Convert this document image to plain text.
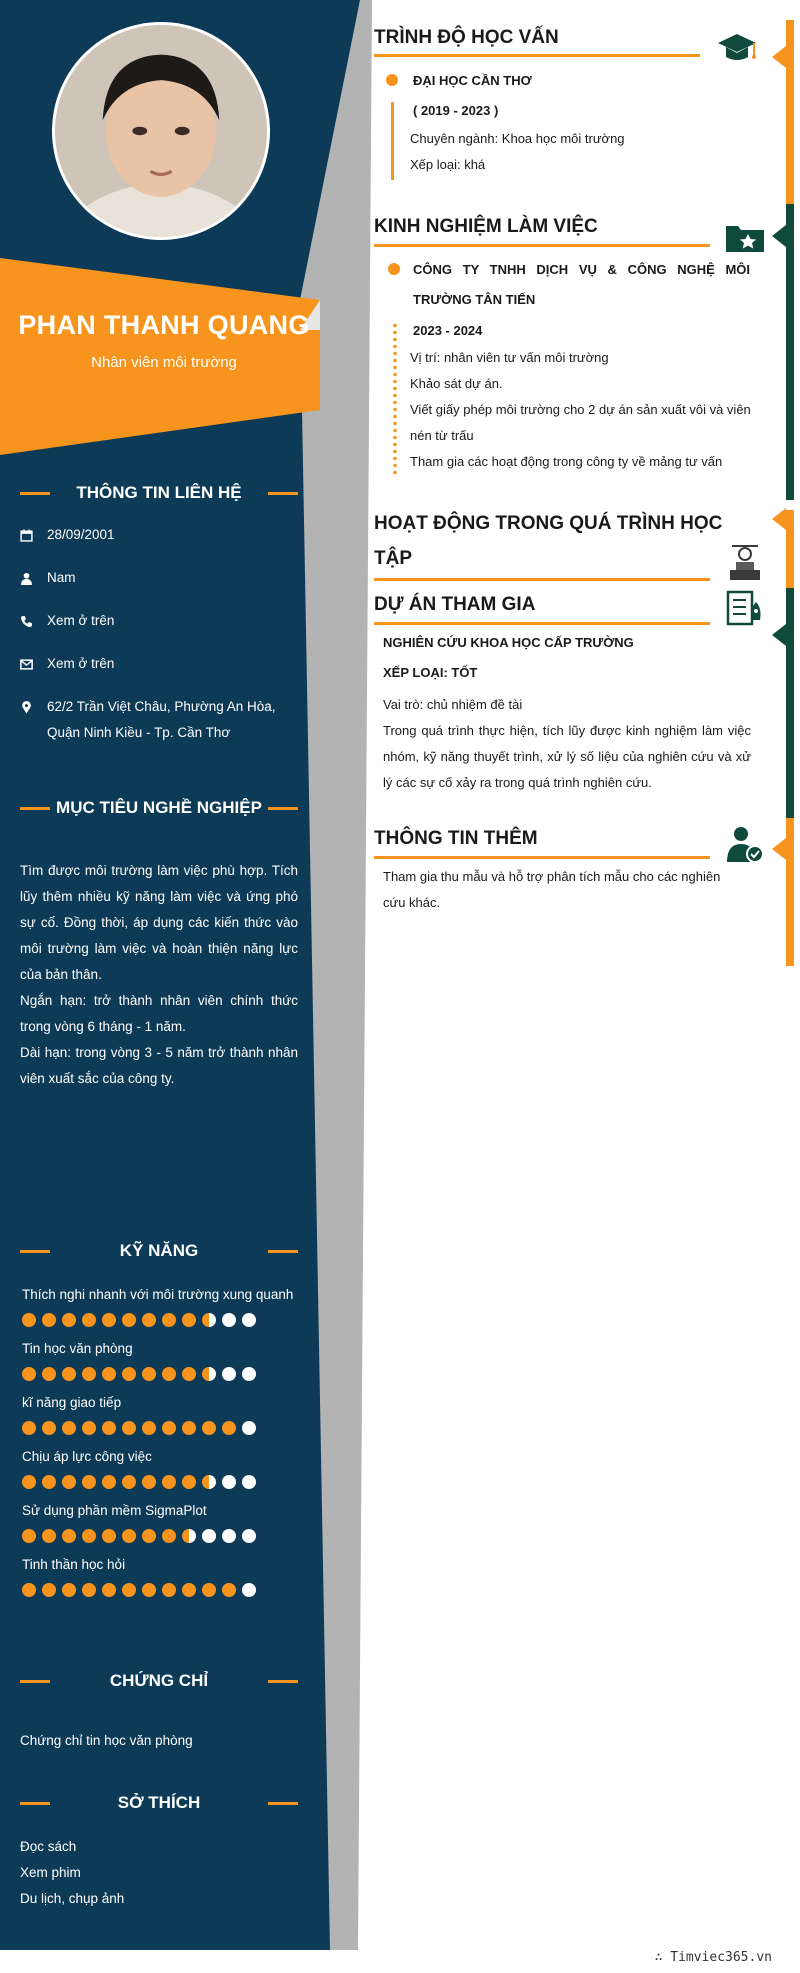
PHAN THANH QUANG
Nhân viên môi trường
THÔNG TIN LIÊN HỆ
28/09/2001
Nam
Xem ở trên
Xem ở trên
62/2 Trần Việt Châu, Phường An Hòa, Quận Ninh Kiều - Tp. Cần Thơ
MỤC TIÊU NGHỀ NGHIỆP
Tìm được môi trường làm việc phù hợp. Tích lũy thêm nhiều kỹ năng làm việc và ứng phó sự cố. Đồng thời, áp dụng các kiến thức vào môi trường làm việc và hoàn thiện năng lực của bản thân.
Ngắn hạn: trở thành nhân viên chính thức trong vòng 6 tháng - 1 năm.
Dài hạn: trong vòng 3 - 5 năm trở thành nhân viên xuất sắc của công ty.
KỸ NĂNG
Thích nghi nhanh với môi trường xung quanh
Tin học văn phòng
kĩ năng giao tiếp
Chịu áp lực công việc
Sử dụng phần mềm SigmaPlot
Tinh thần học hỏi
CHỨNG CHỈ
Chứng chỉ tin học văn phòng
SỞ THÍCH
Đọc sách
Xem phim
Du lịch, chụp ảnh
TRÌNH ĐỘ HỌC VẤN
ĐẠI HỌC CẦN THƠ
( 2019 - 2023 )
Chuyên ngành: Khoa học môi trường
Xếp loại: khá
KINH NGHIỆM LÀM VIỆC
CÔNG TY TNHH DỊCH VỤ & CÔNG NGHỆ MÔI
TRƯỜNG TÂN TIẾN
2023 - 2024
Vị trí: nhân viên tư vấn môi trường
Khảo sát dự án.
Viết giấy phép môi trường cho 2 dự án sản xuất vôi và viên
nén từ trấu
Tham gia các hoạt động trong công ty về mảng tư vấn
HOẠT ĐỘNG TRONG QUÁ TRÌNH HỌC
TẬP
DỰ ÁN THAM GIA
NGHIÊN CỨU KHOA HỌC CẤP TRƯỜNG
XẾP LOẠI: TỐT
Vai trò: chủ nhiệm đề tài
Trong quá trình thực hiện, tích lũy được kinh nghiệm làm việc nhóm, kỹ năng thuyết trình, xử lý số liệu của nghiên cứu và xử lý các sự cố xảy ra trong quá trình nghiên cứu.
THÔNG TIN THÊM
Tham gia thu mẫu và hỗ trợ phân tích mẫu cho các nghiên cứu khác.
∴ Timviec365.vn
